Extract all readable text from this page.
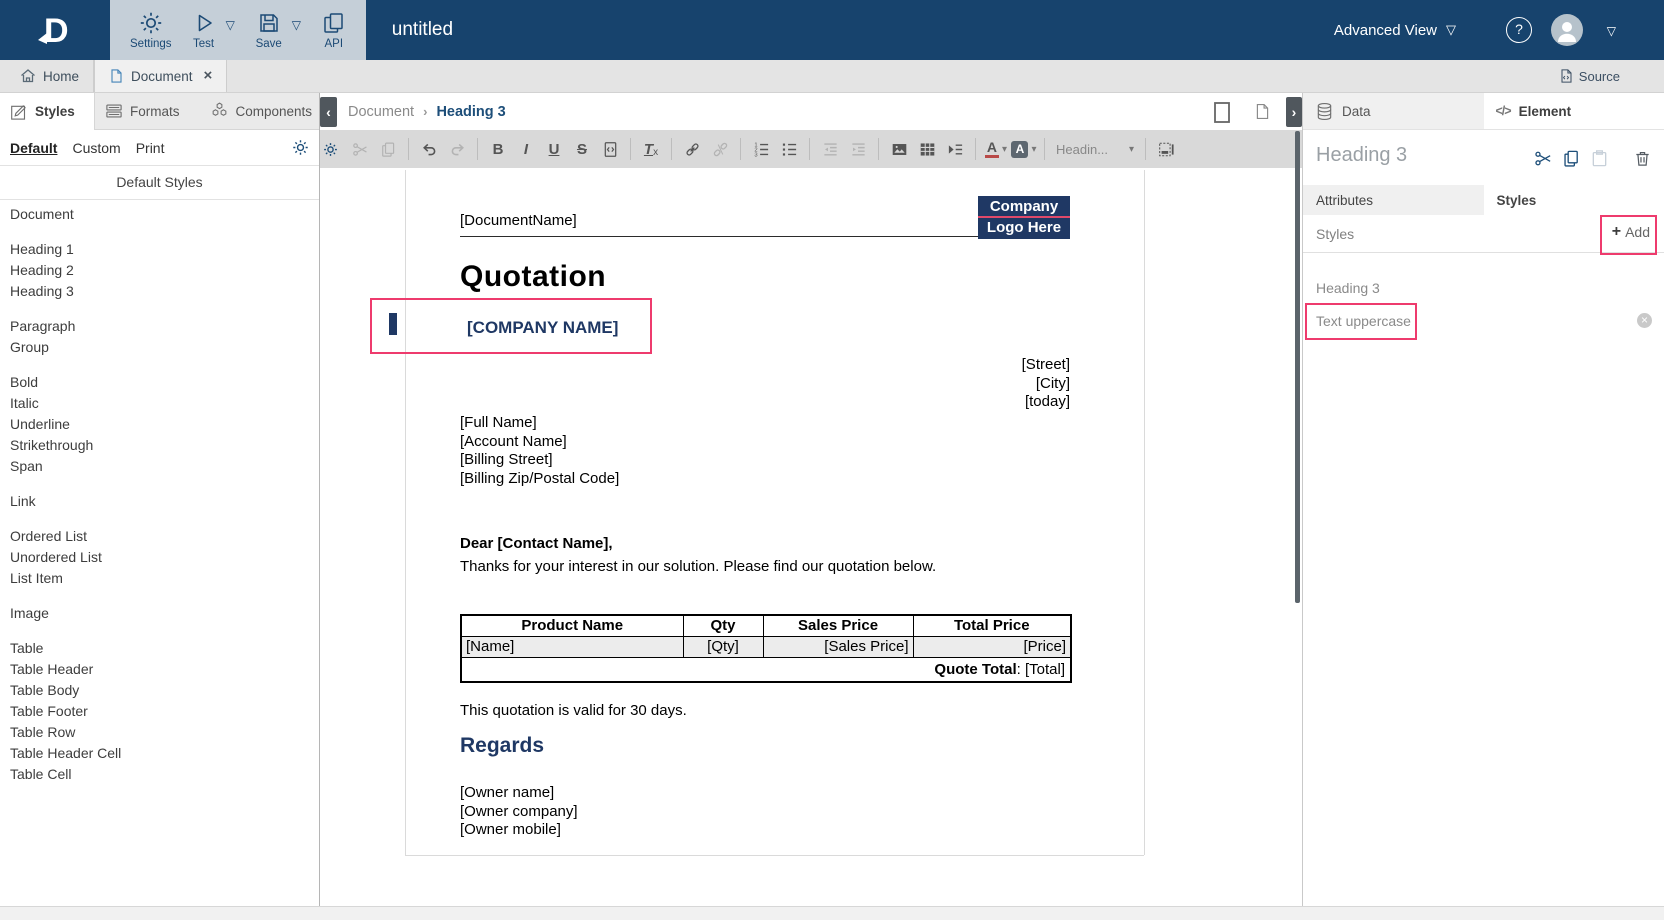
D	Settings Test ▽	Save ▽	API
untitled	Advanced View
▽
?
▽
Home	Document ×	Source
Styles	Formats	Components
Default Custom Print
Default Styles
Document
Heading 1
Heading 2
Heading 3
Paragraph
Group
Bold
Italic
Underline
Strikethrough
Span
Link
Ordered List
Unordered List
List Item
Image
Table
Table Header
Table Body
Table Footer
Table Row
Table Header Cell
Table Cell
‹
Document › Heading 3
›
B I U S	T x
1
2
3
A ▾ A ▾ Headin... ▾
[DocumentName]
Company
Logo Here
Quotation
[COMPANY NAME]
[Street]
[City]
[today]
[Full Name]
[Account Name]
[Billing Street]
[Billing Zip/Postal Code]
Dear [Contact Name],
Thanks for your interest in our solution. Please find our quotation below.
Product Name	Qty	Sales Price	Total Price
[Name]	[Qty]	[Sales Price]	[Price]
Quote Total: [Total]			
This quotation is valid for 30 days.
Regards
[Owner name]
[Owner company]
[Owner mobile]
Data </>	Element
Heading 3
Attributes	Styles
Styles +	Add
Heading 3
Text uppercase
×
